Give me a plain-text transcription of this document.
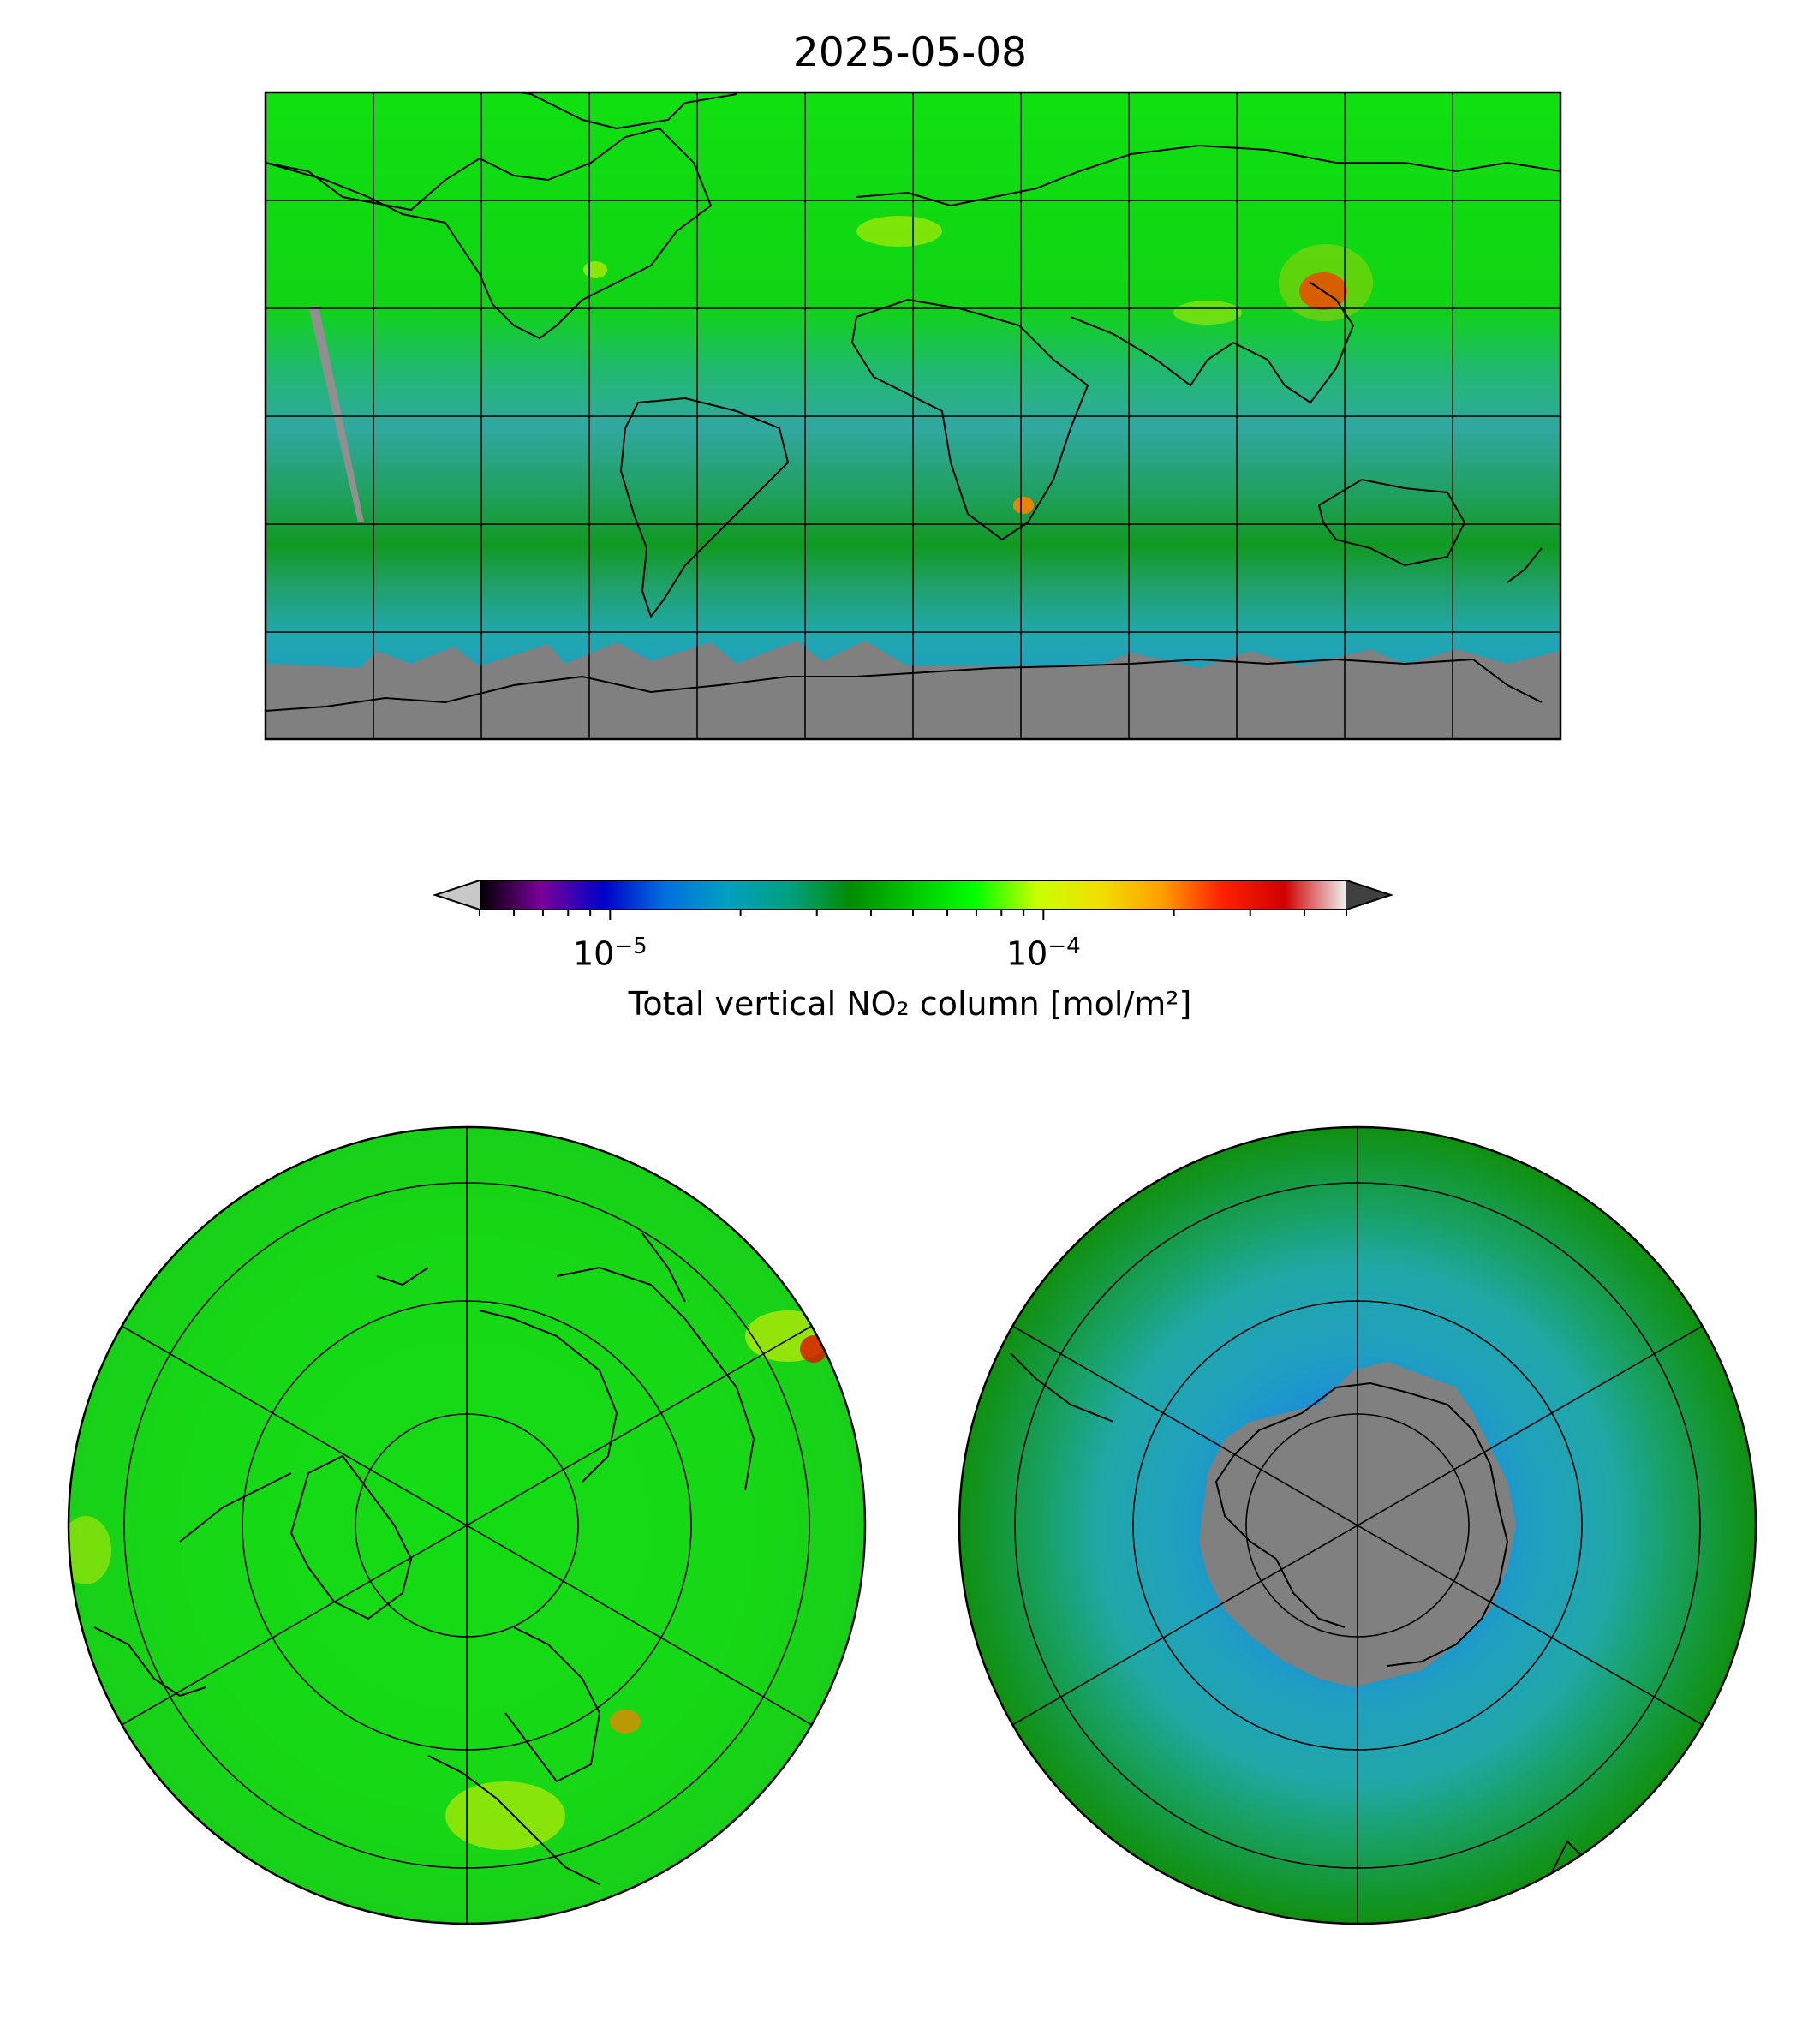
2025-05-08
$10^{-5}$	$10^{-4}$
Total vertical NO₂ column [mol/m²]
